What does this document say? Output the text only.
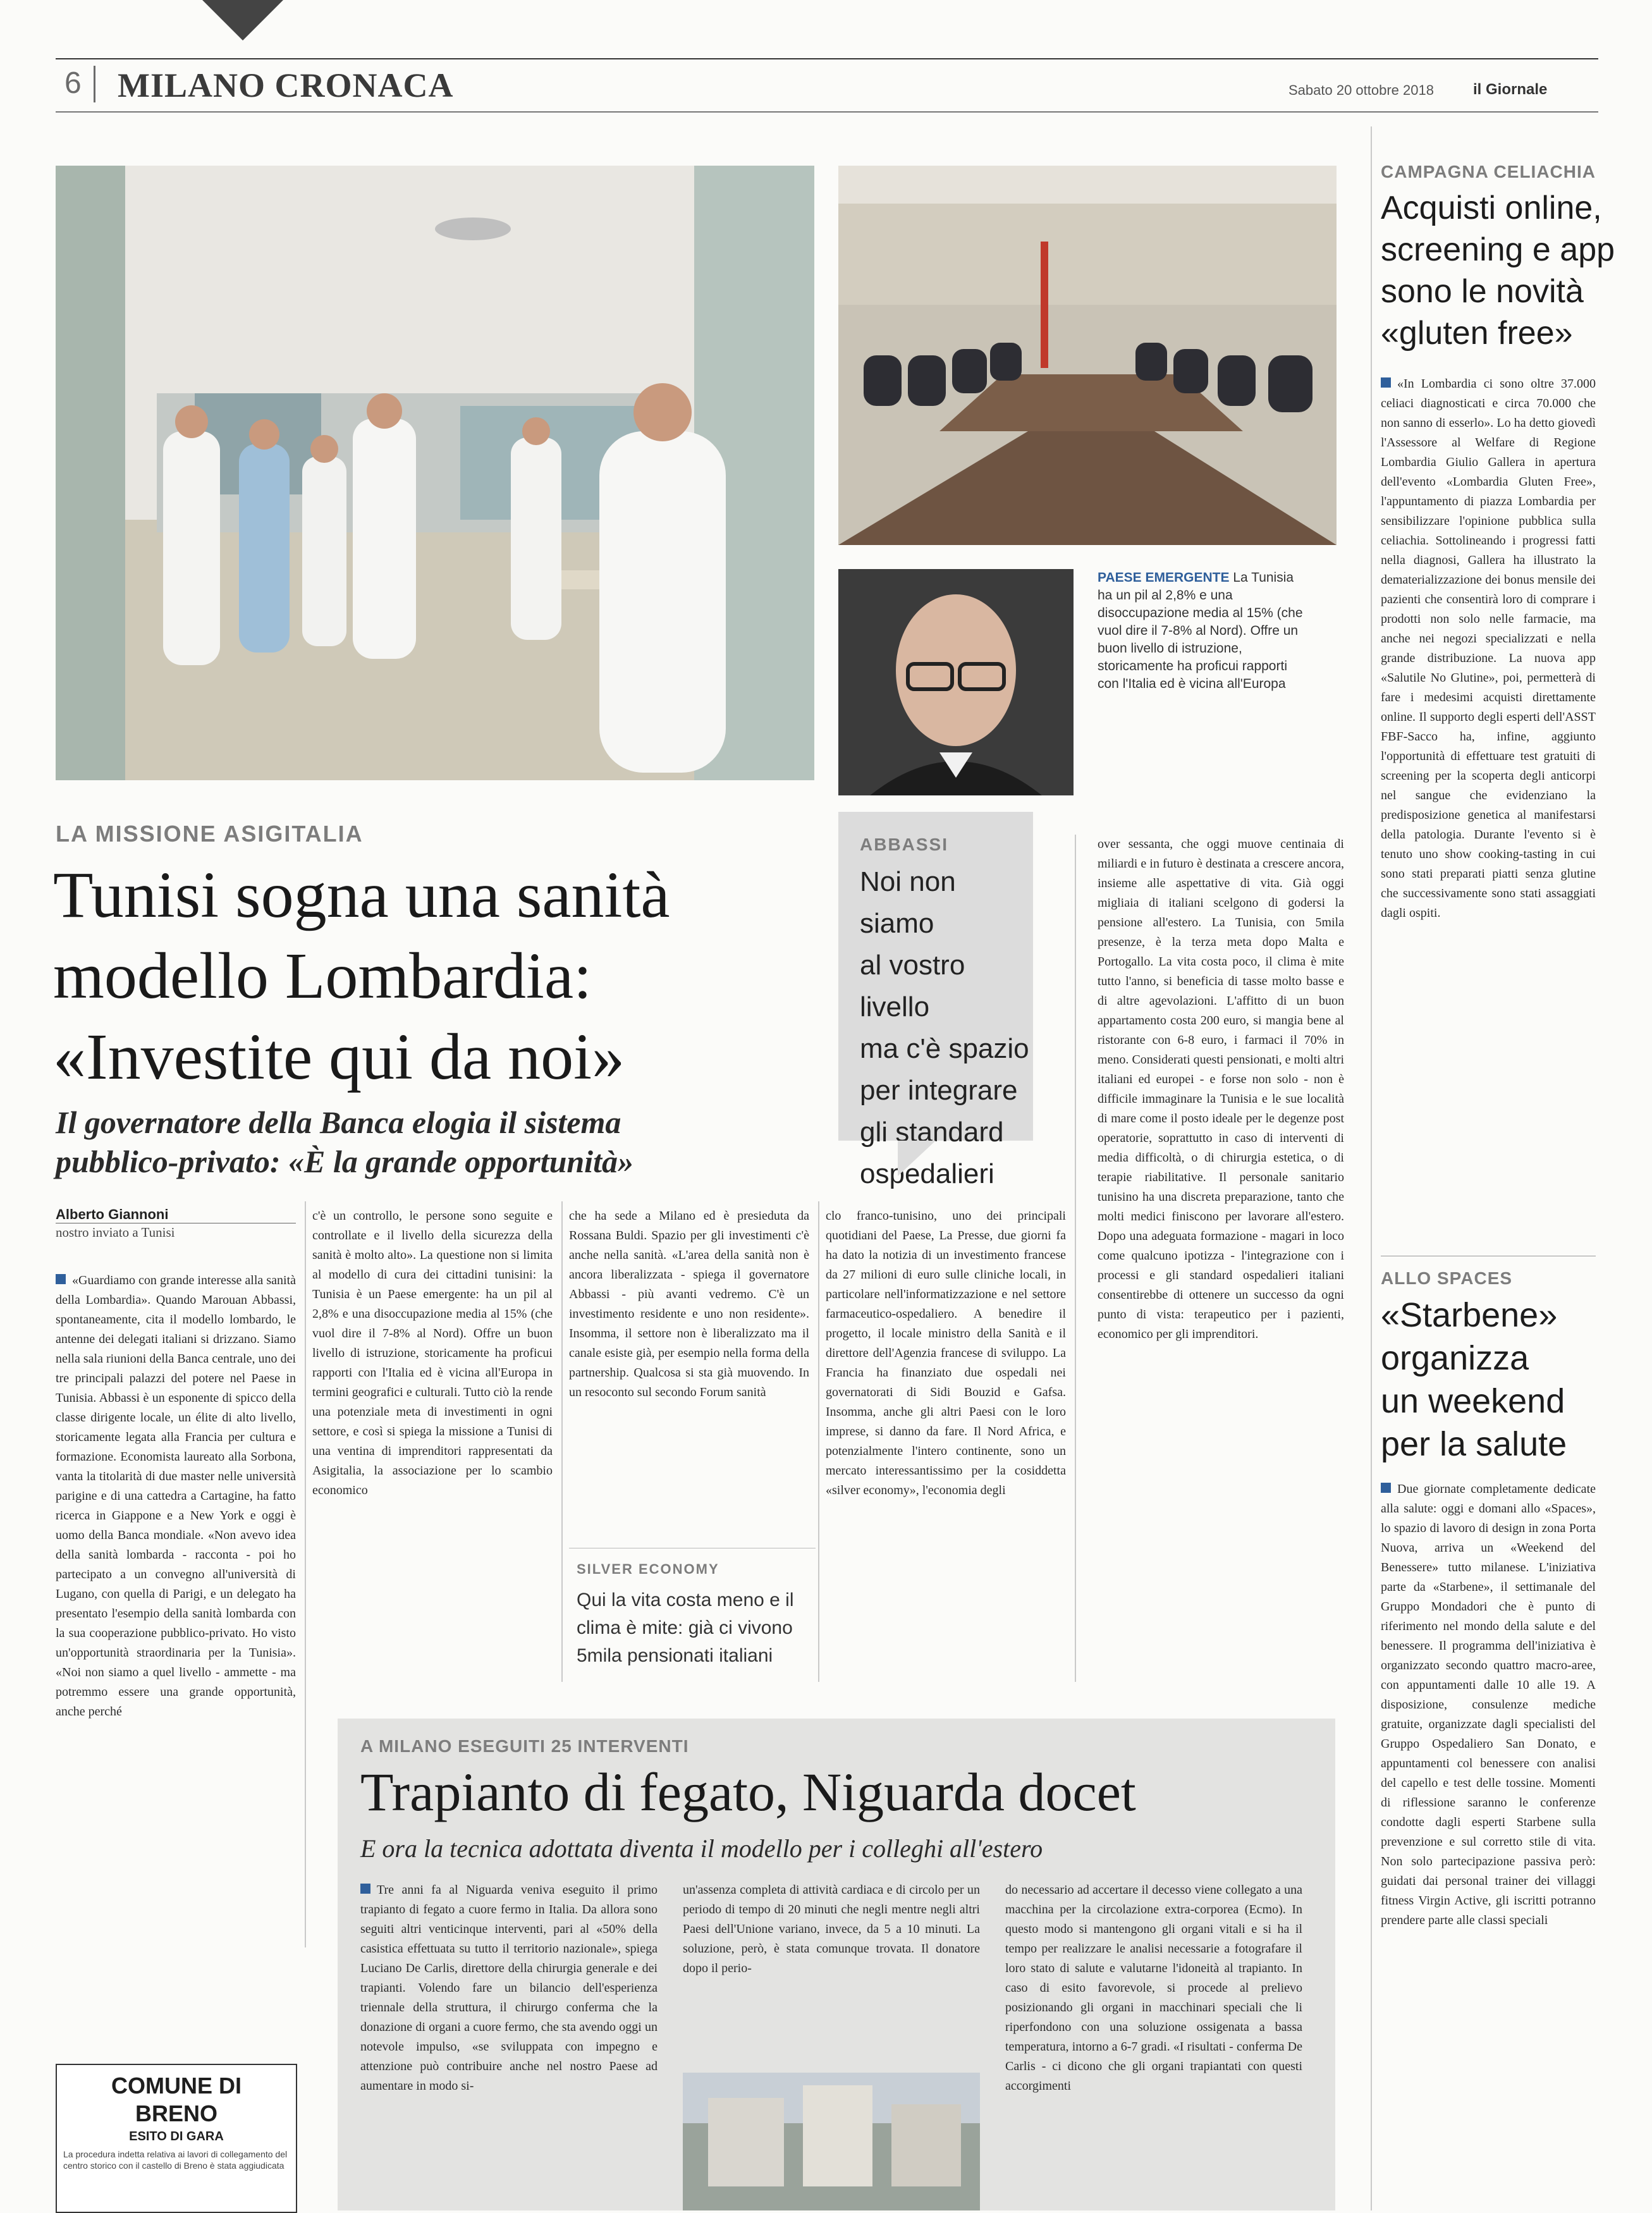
6 MILANO CRONACA	Sabato 20 ottobre 2018	il Giornale
PAESE EMERGENTE La Tunisia ha un pil al 2,8% e una disoccupazione media al 15% (che vuol dire il 7-8% al Nord). Offre un buon livello di istruzione, storicamente ha proficui rapporti con l'Italia ed è vicina all'Europa
LA MISSIONE ASIGITALIA
Tunisi sogna una sanità
modello Lombardia:
«Investite qui da noi»
Il governatore della Banca elogia il sistema
pubblico-privato: «È la grande opportunità»
ABBASSI
Noi non siamo
al vostro livello
ma c'è spazio
per integrare
gli standard
ospedalieri
Alberto Giannoni
nostro inviato a Tunisi
«Guardiamo con grande interesse alla sanità della Lombardia». Quando Marouan Abbassi, spontaneamente, cita il modello lombardo, le antenne dei delegati italiani si drizzano. Siamo nella sala riunioni della Banca centrale, uno dei tre principali palazzi del potere nel Paese in Tunisia. Abbassi è un esponente di spicco della classe dirigente locale, un élite di alto livello, storicamente legata alla Francia per cultura e formazione. Economista laureato alla Sorbona, vanta la titolarità di due master nelle università parigine e di una cattedra a Cartagine, ha fatto ricerca in Giappone e a New York e oggi è uomo della Banca mondiale. «Non avevo idea della sanità lombarda - racconta - poi ho partecipato a un convegno all'università di Lugano, con quella di Parigi, e un delegato ha presentato l'esempio della sanità lombarda con la sua cooperazione pubblico-privato. Ho visto un'opportunità straordinaria per la Tunisia». «Noi non siamo a quel livello - ammette - ma potremmo essere una grande opportunità, anche perché
c'è un controllo, le persone sono seguite e controllate e il livello della sicurezza della sanità è molto alto». La questione non si limita al modello di cura dei cittadini tunisini: la Tunisia è un Paese emergente: ha un pil al 2,8% e una disoccupazione media al 15% (che vuol dire il 7-8% al Nord). Offre un buon livello di istruzione, storicamente ha proficui rapporti con l'Italia ed è vicina all'Europa in termini geografici e culturali. Tutto ciò la rende una potenziale meta di investimenti in ogni settore, e così si spiega la missione a Tunisi di una ventina di imprenditori rappresentati da Asigitalia, la associazione per lo scambio economico
che ha sede a Milano ed è presieduta da Rossana Buldi. Spazio per gli investimenti c'è anche nella sanità. «L'area della sanità non è ancora liberalizzata - spiega il governatore Abbassi - più avanti vedremo. C'è un investimento residente e uno non residente». Insomma, il settore non è liberalizzato ma il canale esiste già, per esempio nella forma della partnership. Qualcosa si sta già muovendo. In un resoconto sul secondo Forum sanità
SILVER ECONOMY
Qui la vita costa meno e il
clima è mite: già ci vivono
5mila pensionati italiani
clo franco-tunisino, uno dei principali quotidiani del Paese, La Presse, due giorni fa ha dato la notizia di un investimento francese da 27 milioni di euro sulle cliniche locali, in particolare nell'informatizzazione e nel settore farmaceutico-ospedaliero. A benedire il progetto, il locale ministro della Sanità e il direttore dell'Agenzia francese di sviluppo. La Francia ha finanziato due ospedali nei governatorati di Sidi Bouzid e Gafsa. Insomma, anche gli altri Paesi con le loro imprese, si danno da fare. Il Nord Africa, e potenzialmente l'intero continente, sono un mercato interessantissimo per la cosiddetta «silver economy», l'economia degli
over sessanta, che oggi muove centinaia di miliardi e in futuro è destinata a crescere ancora, insieme alle aspettative di vita. Già oggi migliaia di italiani scelgono di godersi la pensione all'estero. La Tunisia, con 5mila presenze, è la terza meta dopo Malta e Portogallo. La vita costa poco, il clima è mite tutto l'anno, si beneficia di tasse molto basse e di altre agevolazioni. L'affitto di un buon appartamento costa 200 euro, si mangia bene al ristorante con 6-8 euro, i farmaci il 70% in meno. Considerati questi pensionati, e molti altri italiani ed europei - e forse non solo - non è difficile immaginare la Tunisia e le sue località di mare come il posto ideale per le degenze post operatorie, soprattutto in caso di interventi di media difficoltà, o di chirurgia estetica, o di terapie riabilitative. Il personale sanitario tunisino ha una discreta preparazione, tanto che molti medici finiscono per lavorare all'estero. Dopo una adeguata formazione - magari in loco come qualcuno ipotizza - l'integrazione con i processi e gli standard ospedalieri italiani consentirebbe di ottenere un successo da ogni punto di vista: terapeutico per i pazienti, economico per gli imprenditori.
CAMPAGNA CELIACHIA
Acquisti online,
screening e app
sono le novità
«gluten free»
«In Lombardia ci sono oltre 37.000 celiaci diagnosticati e circa 70.000 che non sanno di esserlo». Lo ha detto giovedì l'Assessore al Welfare di Regione Lombardia Giulio Gallera in apertura dell'evento «Lombardia Gluten Free», l'appuntamento di piazza Lombardia per sensibilizzare l'opinione pubblica sulla celiachia. Sottolineando i progressi fatti nella diagnosi, Gallera ha illustrato la dematerializzazione dei bonus mensile dei pazienti che consentirà loro di comprare i prodotti non solo nelle farmacie, ma anche nei negozi specializzati e nella grande distribuzione. La nuova app «Salutile No Glutine», poi, permetterà di fare i medesimi acquisti direttamente online. Il supporto degli esperti dell'ASST FBF-Sacco ha, infine, aggiunto l'opportunità di effettuare test gratuiti di screening per la scoperta degli anticorpi nel sangue che evidenziano la predisposizione genetica al manifestarsi della patologia. Durante l'evento si è tenuto uno show cooking-tasting in cui sono stati preparati piatti senza glutine che successivamente sono stati assaggiati dagli ospiti.
ALLO SPACES
«Starbene»
organizza
un weekend
per la salute
Due giornate completamente dedicate alla salute: oggi e domani allo «Spaces», lo spazio di lavoro di design in zona Porta Nuova, arriva un «Weekend del Benessere» tutto milanese. L'iniziativa parte da «Starbene», il settimanale del Gruppo Mondadori che è punto di riferimento nel mondo della salute e del benessere. Il programma dell'iniziativa è organizzato secondo quattro macro-aree, con appuntamenti dalle 10 alle 19. A disposizione, consulenze mediche gratuite, organizzate dagli specialisti del Gruppo Ospedaliero San Donato, e appuntamenti col benessere con analisi del capello e test delle tossine. Momenti di riflessione saranno le conferenze condotte dagli esperti Starbene sulla prevenzione e sul corretto stile di vita. Non solo partecipazione passiva però: guidati dai personal trainer dei villaggi fitness Virgin Active, gli iscritti potranno prendere parte alle classi speciali
A MILANO ESEGUITI 25 INTERVENTI
Trapianto di fegato, Niguarda docet
E ora la tecnica adottata diventa il modello per i colleghi all'estero
Tre anni fa al Niguarda veniva eseguito il primo trapianto di fegato a cuore fermo in Italia. Da allora sono seguiti altri venticinque interventi, pari al «50% della casistica effettuata su tutto il territorio nazionale», spiega Luciano De Carlis, direttore della chirurgia generale e dei trapianti. Volendo fare un bilancio dell'esperienza triennale della struttura, il chirurgo conferma che la donazione di organi a cuore fermo, che sta avendo oggi un notevole impulso, «se sviluppata con impegno e attenzione può contribuire anche nel nostro Paese ad aumentare in modo si-
un'assenza completa di attività cardiaca e di circolo per un periodo di tempo di 20 minuti che negli mentre negli altri Paesi dell'Unione variano, invece, da 5 a 10 minuti. La soluzione, però, è stata comunque trovata. Il donatore dopo il perio-
do necessario ad accertare il decesso viene collegato a una macchina per la circolazione extra-corporea (Ecmo). In questo modo si mantengono gli organi vitali e si ha il tempo per realizzare le analisi necessarie a fotografare il loro stato di salute e valutarne l'idoneità al trapianto. In caso di esito favorevole, si procede al prelievo posizionando gli organi in macchinari speciali che li riperfondono con una soluzione ossigenata a bassa temperatura, intorno a 6-7 gradi. «I risultati - conferma De Carlis - ci dicono che gli organi trapiantati con questi accorgimenti
COMUNE DI
BRENO
ESITO DI GARA
La procedura indetta relativa ai lavori di collegamento del centro storico con il castello di Breno è stata aggiudicata
